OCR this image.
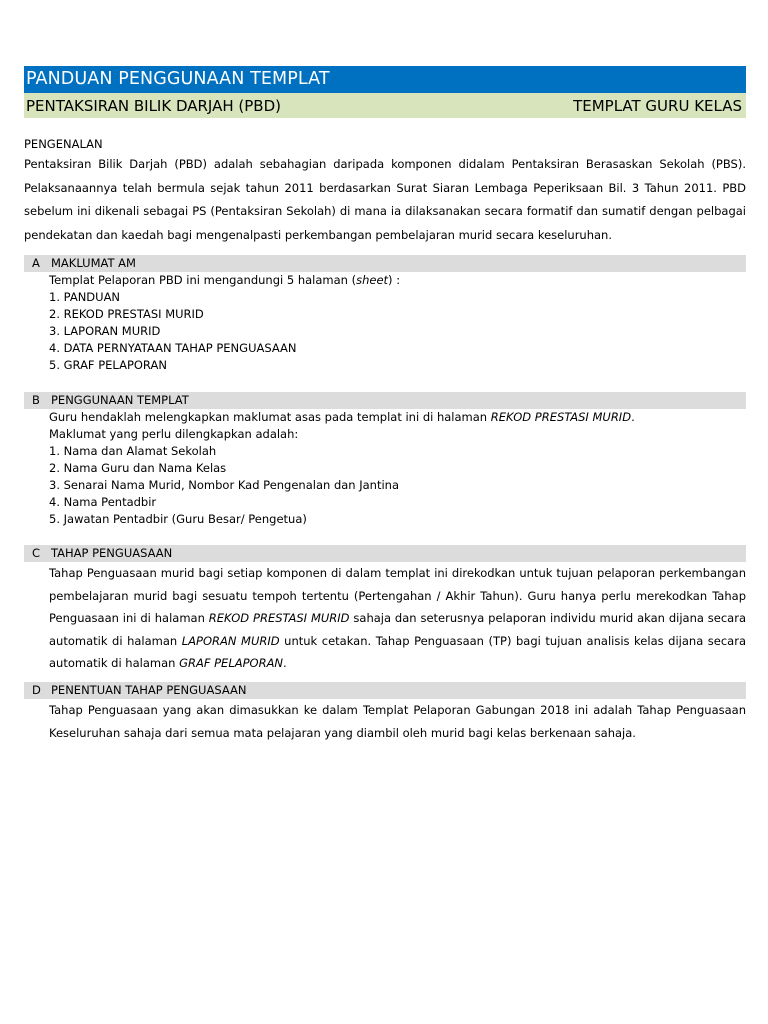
PANDUAN PENGGUNAAN TEMPLAT
PENTAKSIRAN BILIK DARJAH (PBD)	TEMPLAT GURU KELAS
PENGENALAN

Pentaksiran Bilik Darjah (PBD) adalah sebahagian daripada komponen didalam Pentaksiran Berasaskan Sekolah (PBS). Pelaksanaannya telah bermula sejak tahun 2011 berdasarkan Surat Siaran Lembaga Peperiksaan Bil. 3 Tahun 2011. PBD sebelum ini dikenali sebagai PS (Pentaksiran Sekolah) di mana ia dilaksanakan secara formatif dan sumatif dengan pelbagai pendekatan dan kaedah bagi mengenalpasti perkembangan pembelajaran murid secara keseluruhan.

A MAKLUMAT AM
Templat Pelaporan PBD ini mengandungi 5 halaman (sheet) :
1. PANDUAN
2. REKOD PRESTASI MURID
3. LAPORAN MURID
4. DATA PERNYATAAN TAHAP PENGUASAAN
5. GRAF PELAPORAN
B PENGGUNAAN TEMPLAT
Guru hendaklah melengkapkan maklumat asas pada templat ini di halaman REKOD PRESTASI MURID.
Maklumat yang perlu dilengkapkan adalah:
1. Nama dan Alamat Sekolah
2. Nama Guru dan Nama Kelas
3. Senarai Nama Murid, Nombor Kad Pengenalan dan Jantina
4. Nama Pentadbir
5. Jawatan Pentadbir (Guru Besar/ Pengetua)
C TAHAP PENGUASAAN
Tahap Penguasaan murid bagi setiap komponen di dalam templat ini direkodkan untuk tujuan pelaporan perkembangan pembelajaran murid bagi sesuatu tempoh tertentu (Pertengahan / Akhir Tahun). Guru hanya perlu merekodkan Tahap Penguasaan ini di halaman REKOD PRESTASI MURID sahaja dan seterusnya pelaporan individu murid akan dijana secara automatik di halaman LAPORAN MURID untuk cetakan. Tahap Penguasaan (TP) bagi tujuan analisis kelas dijana secara automatik di halaman GRAF PELAPORAN.
D PENENTUAN TAHAP PENGUASAAN
Tahap Penguasaan yang akan dimasukkan ke dalam Templat Pelaporan Gabungan 2018 ini adalah Tahap Penguasaan Keseluruhan sahaja dari semua mata pelajaran yang diambil oleh murid bagi kelas berkenaan sahaja.
